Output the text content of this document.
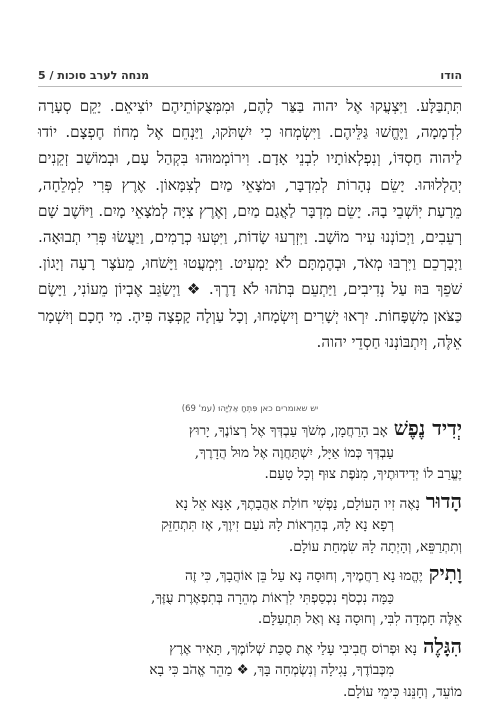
מנחה לערב סוכות / 5	הודו
תִּתְבַּלָּע. וַיִּצְעֲקוּ אֶל יהוה בַּצַּר לָהֶם, וּמִמְּצֻקוֹתֵיהֶם יוֹצִיאֵם. יָקֵם סְעָרָה לִדְמָמָה, וַיֶּחֱשׁוּ גַּלֵּיהֶם. וַיִּשְׂמְחוּ כִי יִשְׁתֹּקוּ, וַיַּנְחֵם אֶל מְחוֹז חֶפְצָם. יוֹדוּ לַיהוה חַסְדּוֹ, וְנִפְלְאוֹתָיו לִבְנֵי אָדָם. וִירוֹמְמוּהוּ בִּקְהַל עָם, וּבְמוֹשַׁב זְקֵנִים יְהַלְלוּהוּ. יָשֵׂם נְהָרוֹת לְמִדְבָּר, וּמֹצָאֵי מַיִם לְצִמָּאוֹן. אֶרֶץ פְּרִי לִמְלֵחָה, מֵרָעַת יֽוֹשְׁבֵי בָהּ. יָשֵׂם מִדְבָּר לַאֲגַם מַיִם, וְאֶרֶץ צִיָּה לְמֹצָאֵי מָיִם. וַיּוֹשֶׁב שָׁם רְעֵבִים, וַיְכוֹנְנוּ עִיר מוֹשָׁב. וַיִּזְרְעוּ שָׂדוֹת, וַיִּטְּעוּ כְרָמִים, וַיַּעֲשׂוּ פְּרִי תְבוּאָה. וַיְבָרְכֵם וַיִּרְבּוּ מְאֹד, וּבְהֶמְתָּם לֹא יַמְעִיט. וַיִּמְעֲטוּ וַיָּשֹׁחוּ, מֵעֹצֶר רָעָה וְיָגוֹן. שֹׁפֵךְ בּוּז עַל נְדִיבִים, וַיַּתְעֵם בְּתֹהוּ לֹא דָרֶךְ. ❖ וַיְשַׂגֵּב אֶבְיוֹן מֵעוֹנִי, וַיָּשֶׂם כַּצֹּאן מִשְׁפָּחוֹת. יִרְאוּ יְשָׁרִים וְיִשְׂמָחוּ, וְכָל עַוְלָה קָפְצָה פִּיהָ. מִי חָכָם וְיִשְׁמָר אֵלֶּה, וְיִתְבּוֹנְנוּ חַסְדֵי יהוה.
יש שאומרים כאן פִּתְחָ אֵלִיָּהוּ (עמ' 69)
יְדִיד נֶפֶשׁאָב הָרַחֲמָן, מְשֹׁךְ עַבְדְּךָ אֶל רְצוֹנֶךָ, יָרוּץ
עַבְדְּךָ כְּמוֹ אַיָּל, יִשְׁתַּחֲוֶה אֶל מוּל הֲדָרֶךָ,
יֶעֱרַב לוֹ יְדִידוּתֶיךָ, מִנֹּפֶת צוּף וְכָל טָעַם.
הָדוּרנָאֶה זִיו הָעוֹלָם, נַפְשִׁי חוֹלַת אַהֲבָתֶךָ, אָנָּא אֵל נָא
רְפָא נָא לָהּ, בְּהַרְאוֹת לָהּ נֹעַם זִיוֶךָ, אָז תִּתְחַזֵּק
וְתִתְרַפֵּא, וְהָיְתָה לָהּ שִׂמְחַת עוֹלָם.
וָתִיקיֶהֱמוּ נָא רַחֲמֶיךָ, וְחוּסָה נָא עַל בֵּן אוֹהֲבָךְ, כִּי זֶה
כַּמָּה נִכְסֹף נִכְסַפְתִּי לִרְאוֹת מְהֵרָה בְּתִפְאֶרֶת עֻזֶּךָ,
אֵלֶּה חָמְדָה לִבִּי, וְחוּסָה נָּא וְאַל תִּתְעַלָּם.
הִגָּלֶהנָא וּפְרוֹס חֲבִיבִי עָלַי אֶת סֻכַּת שְׁלוֹמֶךָ, תָּאִיר אֶרֶץ
מִכְּבוֹדֶךָ, נָגִילָה וְנִשְׂמְחָה בָּךְ, ❖ מַהֵר אֱהֹב כִּי בָא
מוֹעֵד, וְחָנֵּנוּ כִּימֵי עוֹלָם.
